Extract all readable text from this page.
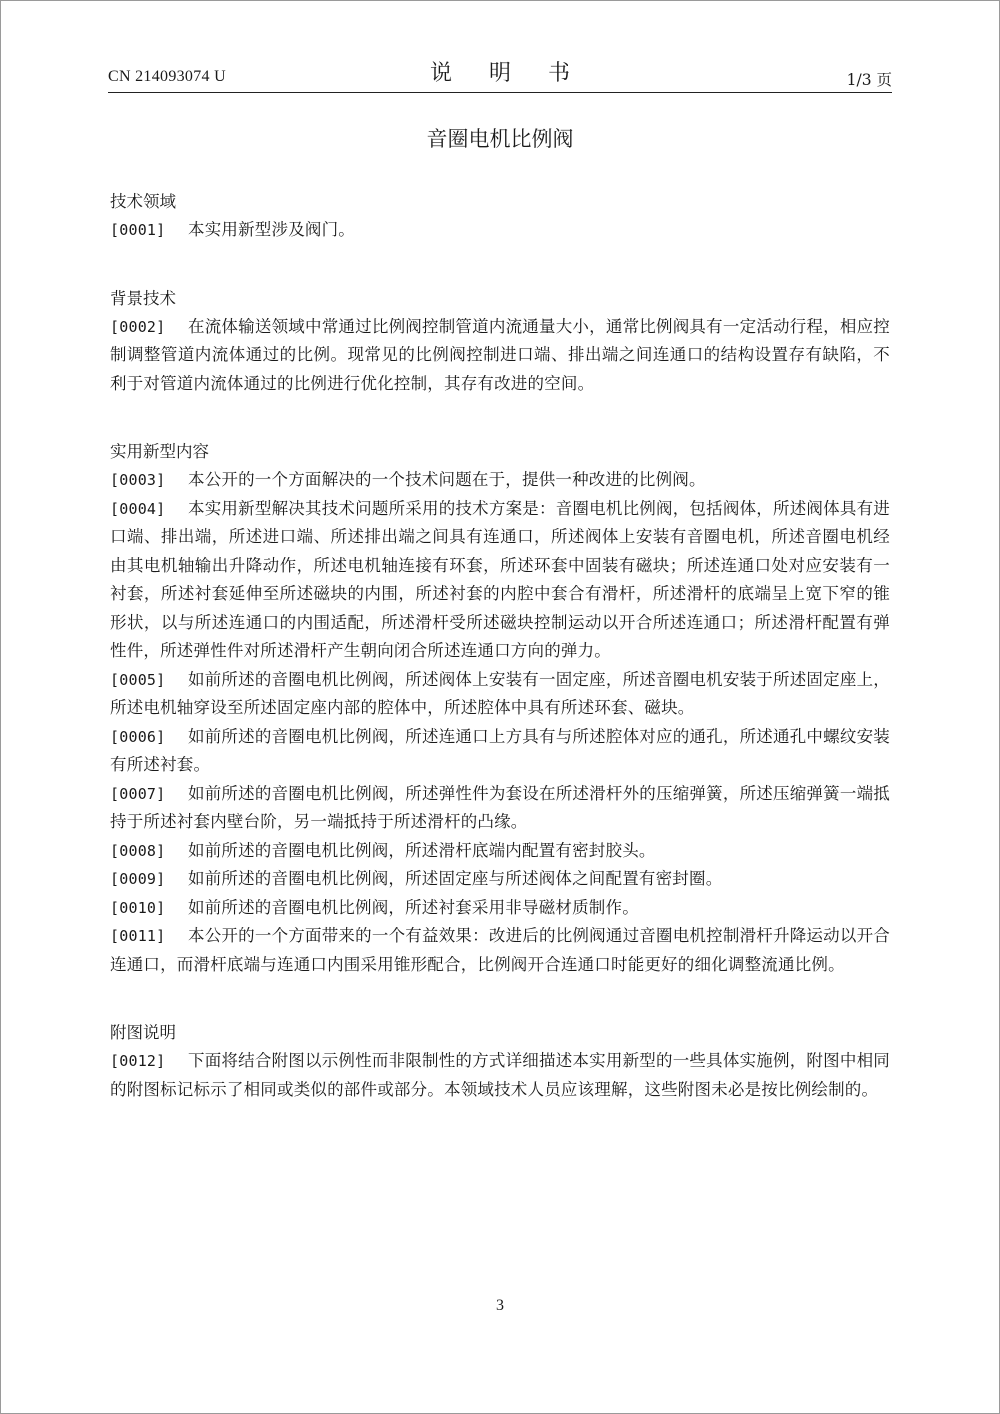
CN 214093074 U	说 明 书	1/3 页
音圈电机比例阀
技术领域

[0001] 本实用新型涉及阀门。

背景技术

[0002] 在流体输送领域中常通过比例阀控制管道内流通量大小，通常比例阀具有一定活动行程，相应控制调整管道内流体通过的比例。现常见的比例阀控制进口端、排出端之间连通口的结构设置存有缺陷，不利于对管道内流体通过的比例进行优化控制，其存有改进的空间。

实用新型内容

[0003] 本公开的一个方面解决的一个技术问题在于，提供一种改进的比例阀。

[0004] 本实用新型解决其技术问题所采用的技术方案是：音圈电机比例阀，包括阀体，所述阀体具有进口端、排出端，所述进口端、所述排出端之间具有连通口，所述阀体上安装有音圈电机，所述音圈电机经由其电机轴输出升降动作，所述电机轴连接有环套，所述环套中固装有磁块；所述连通口处对应安装有一衬套，所述衬套延伸至所述磁块的内围，所述衬套的内腔中套合有滑杆，所述滑杆的底端呈上宽下窄的锥形状，以与所述连通口的内围适配，所述滑杆受所述磁块控制运动以开合所述连通口；所述滑杆配置有弹性件，所述弹性件对所述滑杆产生朝向闭合所述连通口方向的弹力。

[0005] 如前所述的音圈电机比例阀，所述阀体上安装有一固定座，所述音圈电机安装于所述固定座上，所述电机轴穿设至所述固定座内部的腔体中，所述腔体中具有所述环套、磁块。

[0006] 如前所述的音圈电机比例阀，所述连通口上方具有与所述腔体对应的通孔，所述通孔中螺纹安装有所述衬套。

[0007] 如前所述的音圈电机比例阀，所述弹性件为套设在所述滑杆外的压缩弹簧，所述压缩弹簧一端抵持于所述衬套内壁台阶，另一端抵持于所述滑杆的凸缘。

[0008] 如前所述的音圈电机比例阀，所述滑杆底端内配置有密封胶头。

[0009] 如前所述的音圈电机比例阀，所述固定座与所述阀体之间配置有密封圈。

[0010] 如前所述的音圈电机比例阀，所述衬套采用非导磁材质制作。

[0011] 本公开的一个方面带来的一个有益效果：改进后的比例阀通过音圈电机控制滑杆升降运动以开合连通口，而滑杆底端与连通口内围采用锥形配合，比例阀开合连通口时能更好的细化调整流通比例。

附图说明

[0012] 下面将结合附图以示例性而非限制性的方式详细描述本实用新型的一些具体实施例，附图中相同的附图标记标示了相同或类似的部件或部分。本领域技术人员应该理解，这些附图未必是按比例绘制的。

3
